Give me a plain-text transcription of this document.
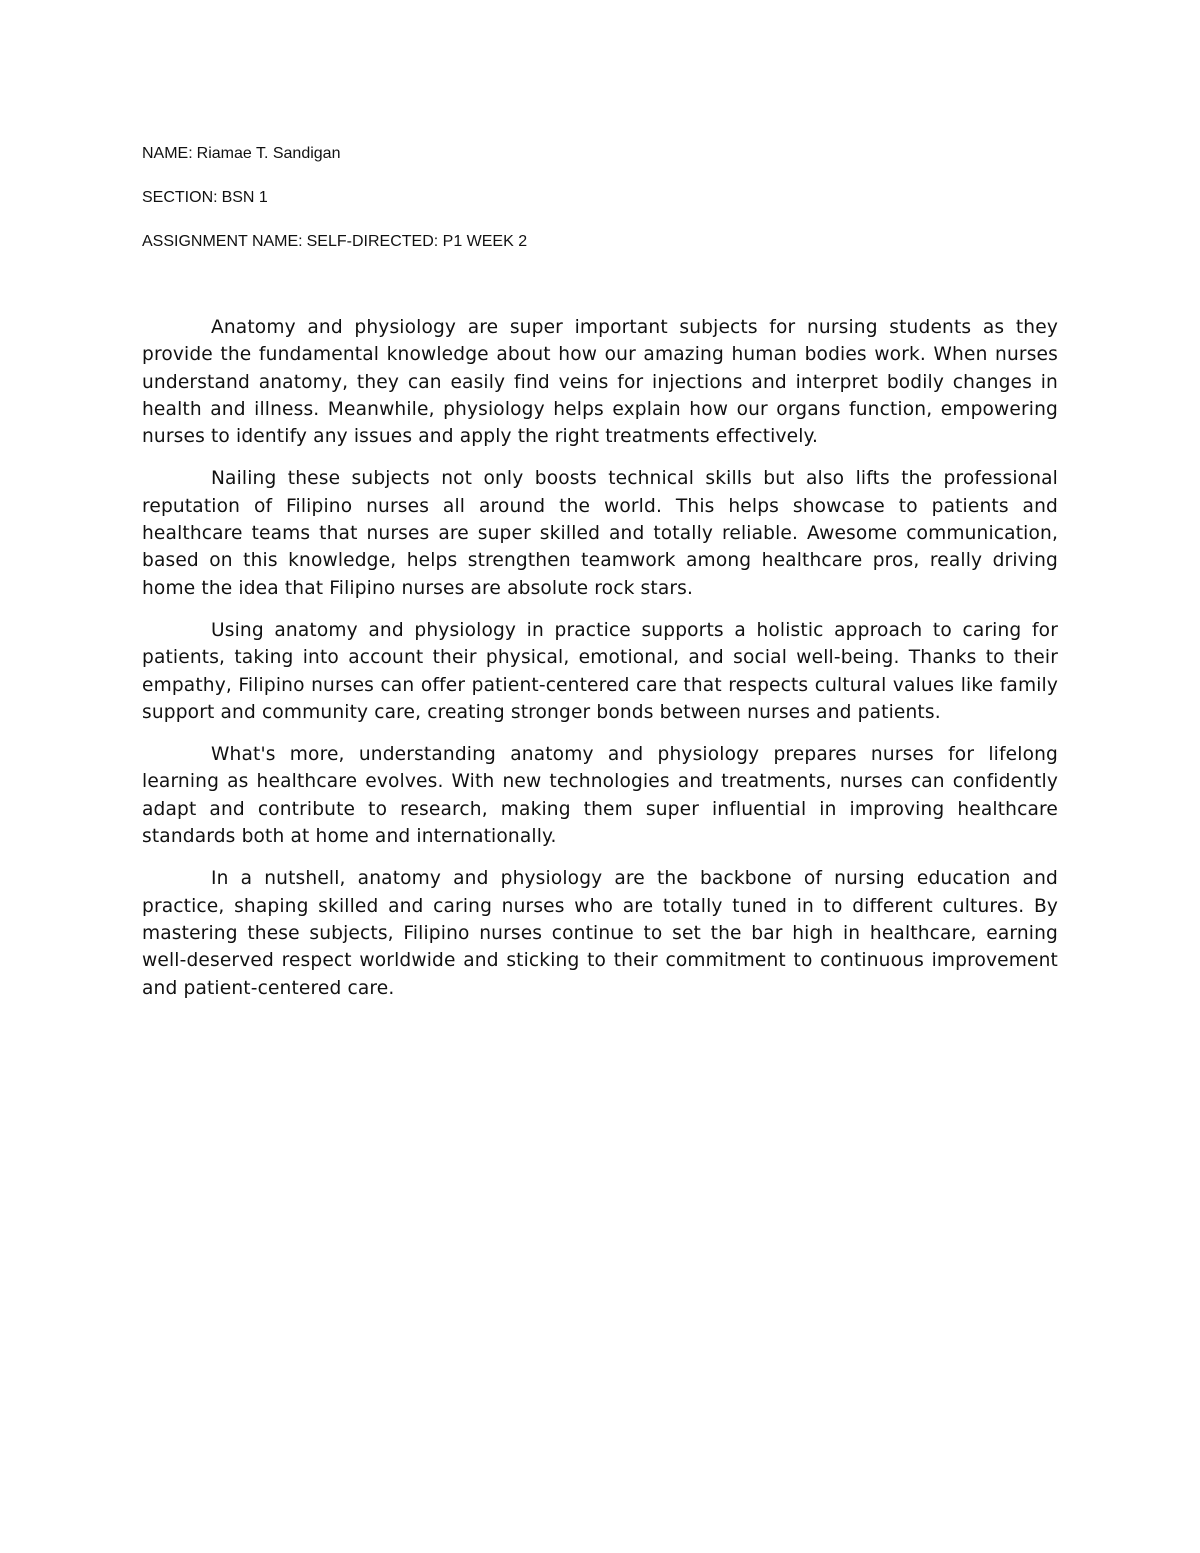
NAME: Riamae T. Sandigan
SECTION: BSN 1
ASSIGNMENT NAME: SELF-DIRECTED: P1 WEEK 2

Anatomy and physiology are super important subjects for nursing students as they provide the fundamental knowledge about how our amazing human bodies work. When nurses understand anatomy, they can easily find veins for injections and interpret bodily changes in health and illness. Meanwhile, physiology helps explain how our organs function, empowering nurses to identify any issues and apply the right treatments effectively.

Nailing these subjects not only boosts technical skills but also lifts the professional reputation of Filipino nurses all around the world. This helps showcase to patients and healthcare teams that nurses are super skilled and totally reliable. Awesome communication, based on this knowledge, helps strengthen teamwork among healthcare pros, really driving home the idea that Filipino nurses are absolute rock stars.

Using anatomy and physiology in practice supports a holistic approach to caring for patients, taking into account their physical, emotional, and social well-being. Thanks to their empathy, Filipino nurses can offer patient-centered care that respects cultural values like family support and community care, creating stronger bonds between nurses and patients.

What's more, understanding anatomy and physiology prepares nurses for lifelong learning as healthcare evolves. With new technologies and treatments, nurses can confidently adapt and contribute to research, making them super influential in improving healthcare standards both at home and internationally.

In a nutshell, anatomy and physiology are the backbone of nursing education and practice, shaping skilled and caring nurses who are totally tuned in to different cultures. By mastering these subjects, Filipino nurses continue to set the bar high in healthcare, earning well-deserved respect worldwide and sticking to their commitment to continuous improvement and patient-centered care.
